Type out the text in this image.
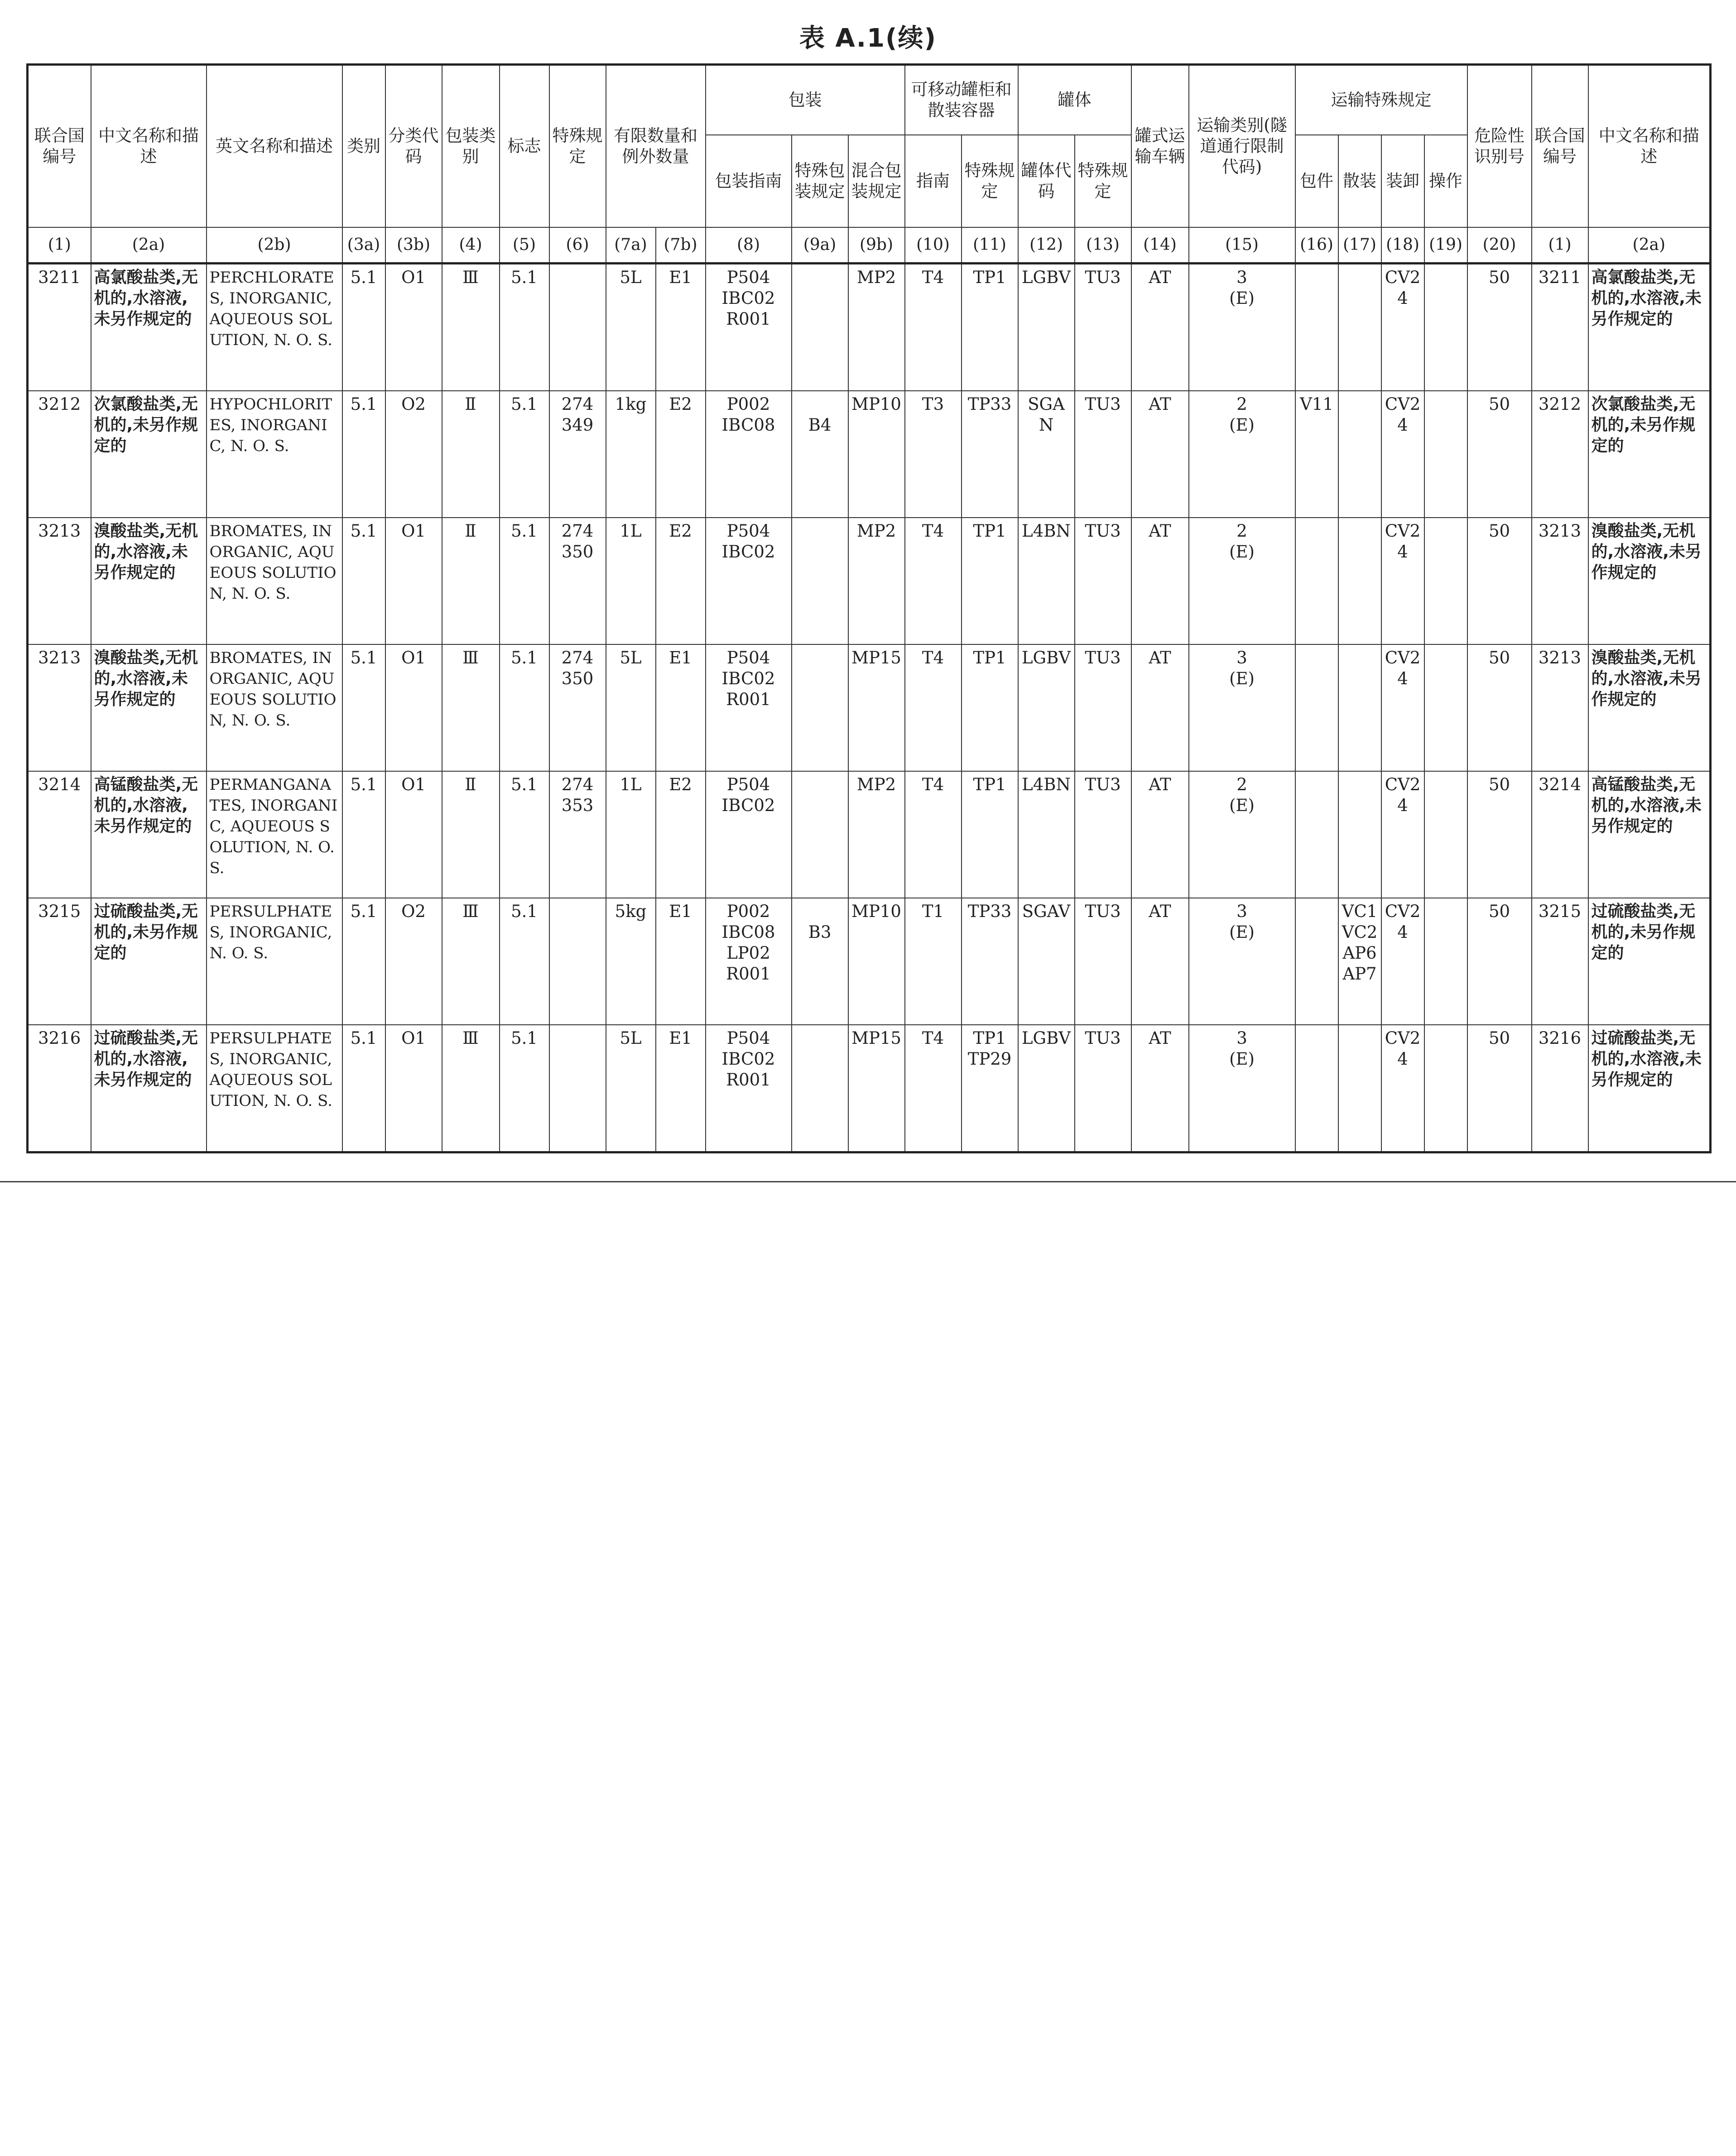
表 A.1(续)
联合国编号	中文名称和描述	英文名称和描述	类别	分类代码	包装类别	标志	特殊规定	有限数量和例外数量		包装			可移动罐柜和散装容器		罐体		罐式运输车辆	运输类别(隧道通行限制代码)	运输特殊规定				危险性识别号	联合国编号	中文名称和描述
										包装指南	特殊包装规定	混合包装规定	指南	特殊规定	罐体代码	特殊规定			包件	散装	装卸	操作			
(1)	(2a)	(2b)	(3a)	(3b)	(4)	(5)	(6)	(7a)	(7b)	(8)	(9a)	(9b)	(10)	(11)	(12)	(13)	(14)	(15)	(16)	(17)	(18)	(19)	(20)	(1)	(2a)
3211	高氯酸盐类,无机的,水溶液,未另作规定的	PERCHLORATES, INORGANIC, AQUEOUS SOLUTION, N. O. S.	5.1	O1	Ⅲ	5.1		5L	E1	P504
IBC02
R001		MP2	T4	TP1	LGBV	TU3	AT	3
(E)			CV24		50	3211	高氯酸盐类,无机的,水溶液,未另作规定的
3212	次氯酸盐类,无机的,未另作规定的	HYPOCHLORITES, INORGANIC, N. O. S.	5.1	O2	Ⅱ	5.1	274
349	1kg	E2	P002
IBC08	
B4	MP10	T3	TP33	SGAN	TU3	AT	2
(E)	V11		CV24		50	3212	次氯酸盐类,无机的,未另作规定的
3213	溴酸盐类,无机的,水溶液,未另作规定的	BROMATES, INORGANIC, AQUEOUS SOLUTION, N. O. S.	5.1	O1	Ⅱ	5.1	274
350	1L	E2	P504
IBC02		MP2	T4	TP1	L4BN	TU3	AT	2
(E)			CV24		50	3213	溴酸盐类,无机的,水溶液,未另作规定的
3213	溴酸盐类,无机的,水溶液,未另作规定的	BROMATES, INORGANIC, AQUEOUS SOLUTION, N. O. S.	5.1	O1	Ⅲ	5.1	274
350	5L	E1	P504
IBC02
R001		MP15	T4	TP1	LGBV	TU3	AT	3
(E)			CV24		50	3213	溴酸盐类,无机的,水溶液,未另作规定的
3214	高锰酸盐类,无机的,水溶液,未另作规定的	PERMANGANATES, INORGANIC, AQUEOUS SOLUTION, N. O. S.	5.1	O1	Ⅱ	5.1	274
353	1L	E2	P504
IBC02		MP2	T4	TP1	L4BN	TU3	AT	2
(E)			CV24		50	3214	高锰酸盐类,无机的,水溶液,未另作规定的
3215	过硫酸盐类,无机的,未另作规定的	PERSULPHATES, INORGANIC, N. O. S.	5.1	O2	Ⅲ	5.1		5kg	E1	P002
IBC08
LP02
R001	
B3	MP10	T1	TP33	SGAV	TU3	AT	3
(E)		VC1
VC2
AP6
AP7	CV24		50	3215	过硫酸盐类,无机的,未另作规定的
3216	过硫酸盐类,无机的,水溶液,未另作规定的	PERSULPHATES, INORGANIC, AQUEOUS SOLUTION, N. O. S.	5.1	O1	Ⅲ	5.1		5L	E1	P504
IBC02
R001		MP15	T4	TP1
TP29	LGBV	TU3	AT	3
(E)			CV24		50	3216	过硫酸盐类,无机的,水溶液,未另作规定的
